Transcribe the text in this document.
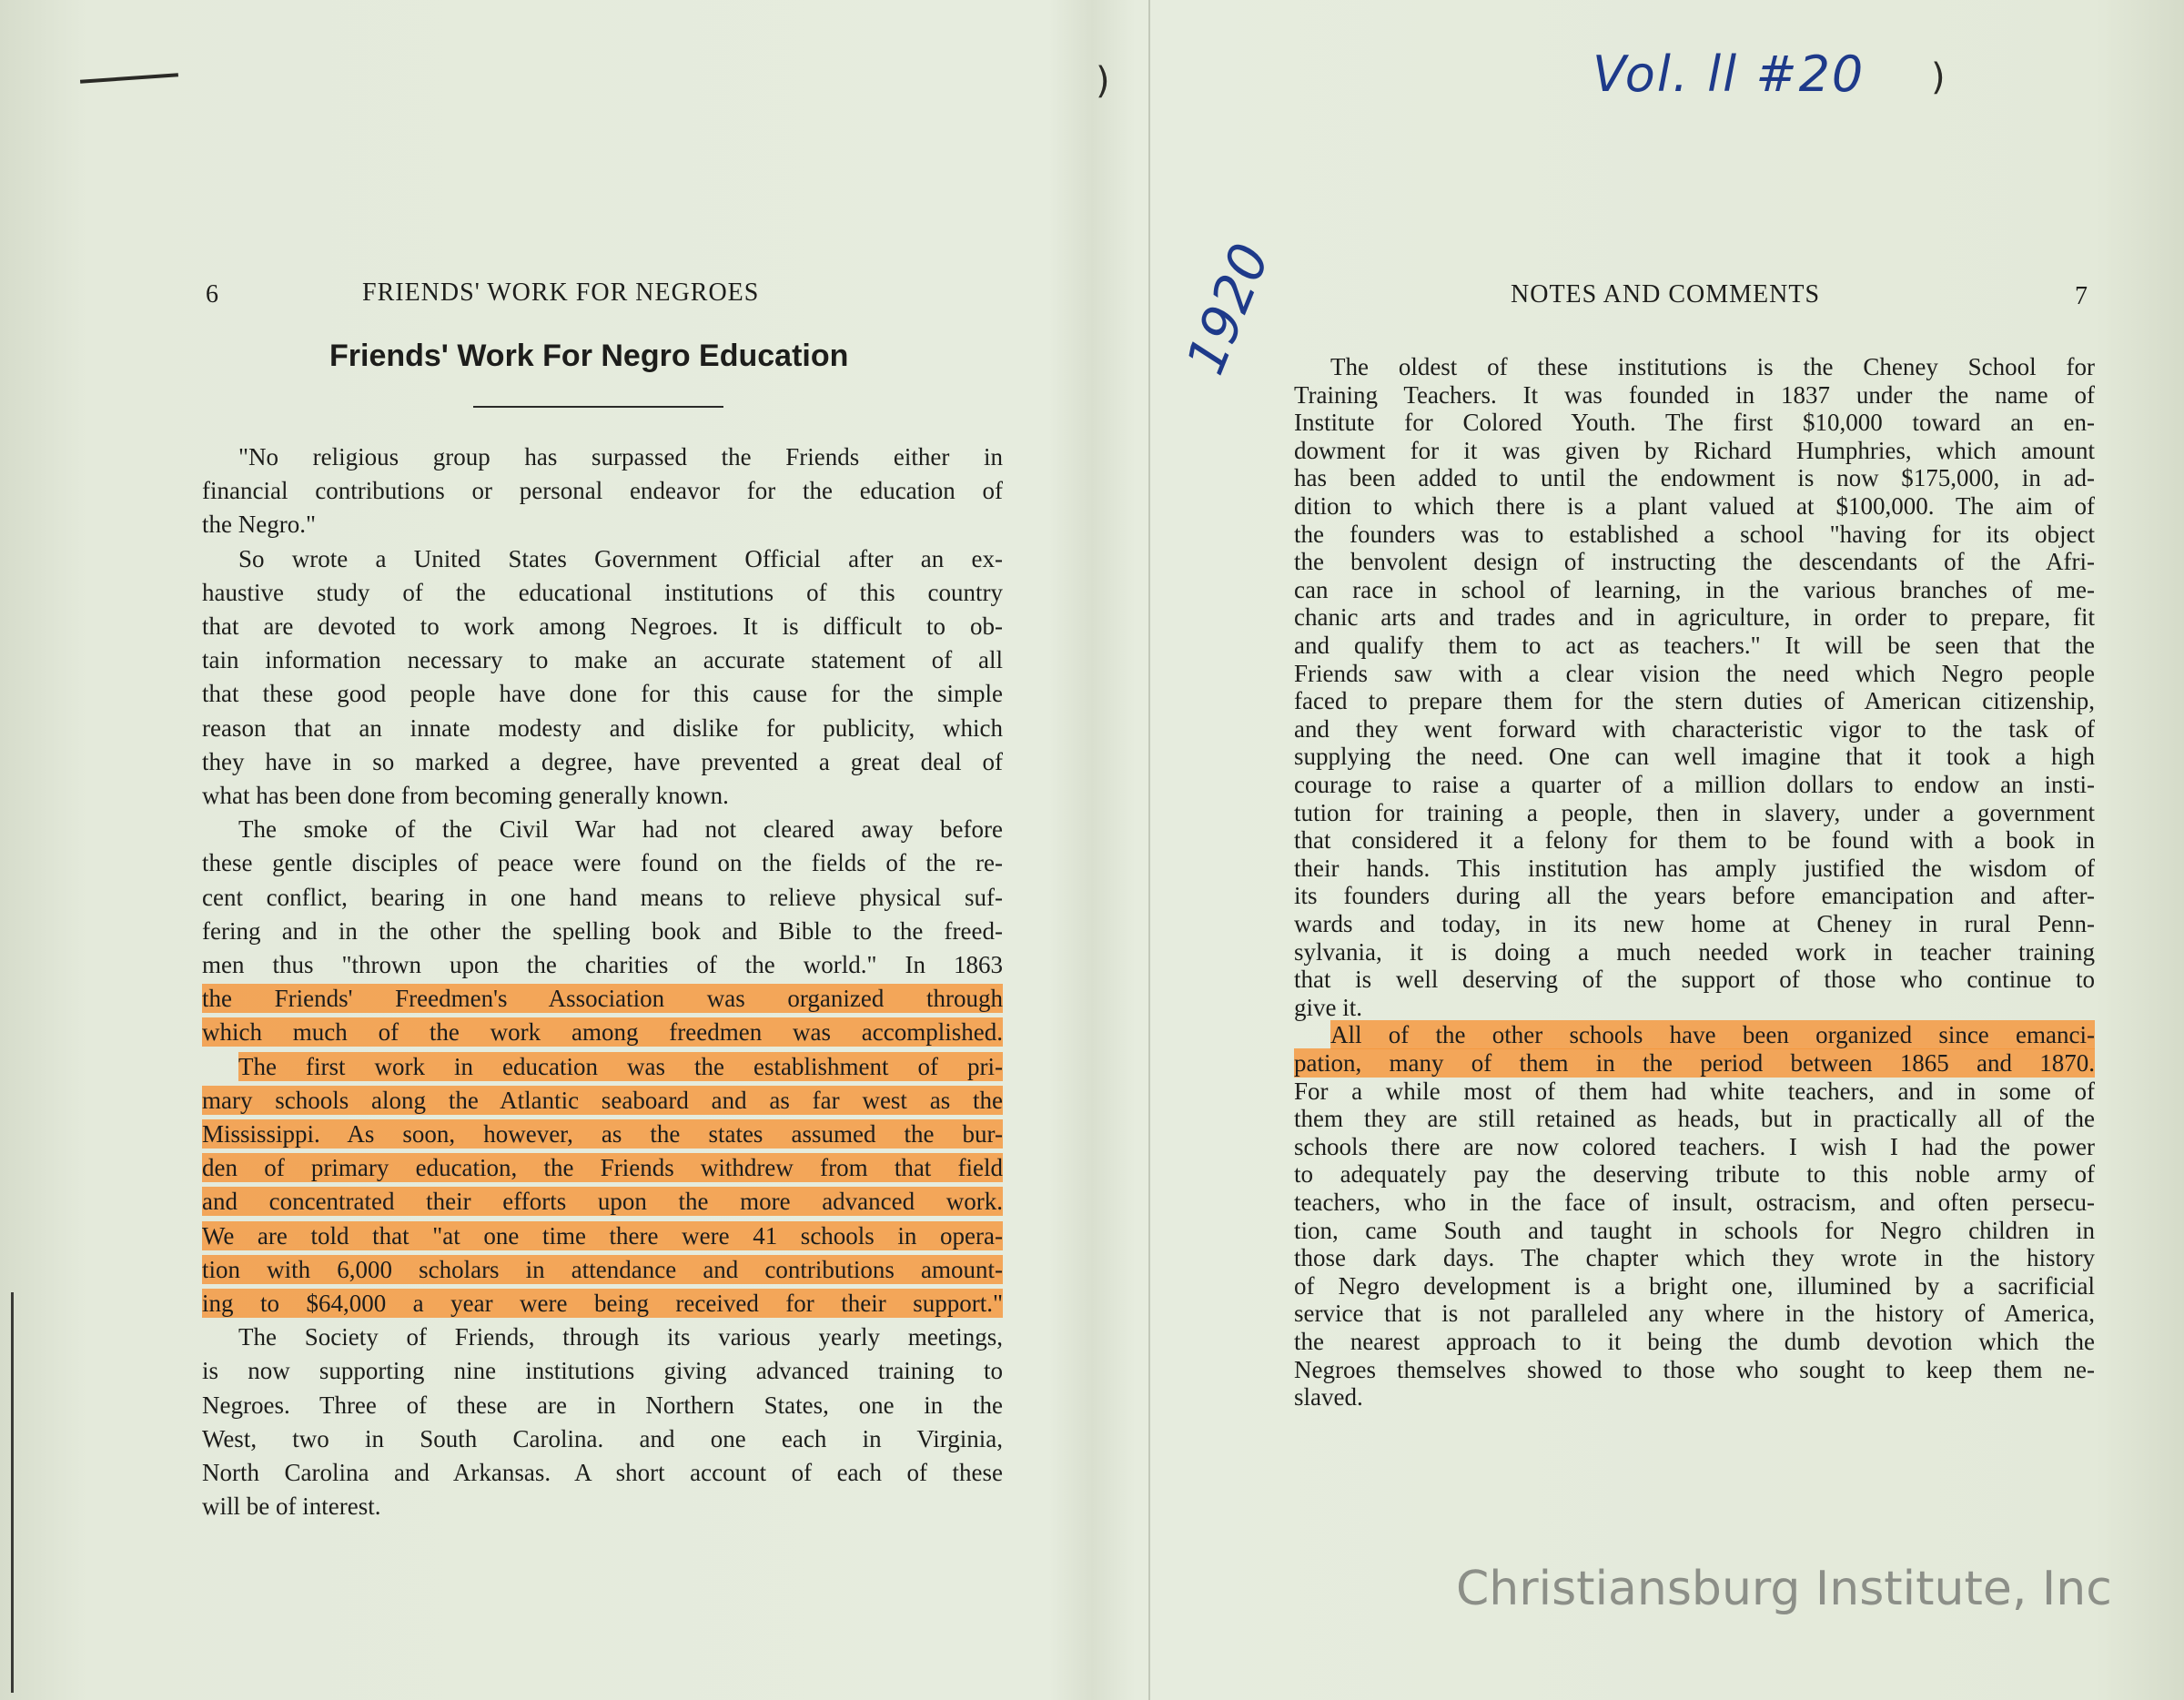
)	)
Vol. ll #20
1920
6	FRIENDS' WORK FOR NEGROES
Friends' Work For Negro Education
"No religious group has surpassed the Friends either in
financial contributions or personal endeavor for the education of
the Negro."
So wrote a United States Government Official after an ex-
haustive study of the educational institutions of this country
that are devoted to work among Negroes. It is difficult to ob-
tain information necessary to make an accurate statement of all
that these good people have done for this cause for the simple
reason that an innate modesty and dislike for publicity, which
they have in so marked a degree, have prevented a great deal of
what has been done from becoming generally known.
The smoke of the Civil War had not cleared away before
these gentle disciples of peace were found on the fields of the re-
cent conflict, bearing in one hand means to relieve physical suf-
fering and in the other the spelling book and Bible to the freed-
men thus "thrown upon the charities of the world." In 1863
the Friends' Freedmen's Association was organized through
which much of the work among freedmen was accomplished.
The first work in education was the establishment of pri-
mary schools along the Atlantic seaboard and as far west as the
Mississippi. As soon, however, as the states assumed the bur-
den of primary education, the Friends withdrew from that field
and concentrated their efforts upon the more advanced work.
We are told that "at one time there were 41 schools in opera-
tion with 6,000 scholars in attendance and contributions amount-
ing to $64,000 a year were being received for their support."
The Society of Friends, through its various yearly meetings,
is now supporting nine institutions giving advanced training to
Negroes. Three of these are in Northern States, one in the
West, two in South Carolina. and one each in Virginia,
North Carolina and Arkansas. A short account of each of these
will be of interest.
NOTES AND COMMENTS	7
The oldest of these institutions is the Cheney School for
Training Teachers. It was founded in 1837 under the name of
Institute for Colored Youth. The first $10,000 toward an en-
dowment for it was given by Richard Humphries, which amount
has been added to until the endowment is now $175,000, in ad-
dition to which there is a plant valued at $100,000. The aim of
the founders was to established a school "having for its object
the benvolent design of instructing the descendants of the Afri-
can race in school of learning, in the various branches of me-
chanic arts and trades and in agriculture, in order to prepare, fit
and qualify them to act as teachers." It will be seen that the
Friends saw with a clear vision the need which Negro people
faced to prepare them for the stern duties of American citizenship,
and they went forward with characteristic vigor to the task of
supplying the need. One can well imagine that it took a high
courage to raise a quarter of a million dollars to endow an insti-
tution for training a people, then in slavery, under a government
that considered it a felony for them to be found with a book in
their hands. This institution has amply justified the wisdom of
its founders during all the years before emancipation and after-
wards and today, in its new home at Cheney in rural Penn-
sylvania, it is doing a much needed work in teacher training
that is well deserving of the support of those who continue to
give it.
All of the other schools have been organized since emanci-
pation, many of them in the period between 1865 and 1870.
For a while most of them had white teachers, and in some of
them they are still retained as heads, but in practically all of the
schools there are now colored teachers. I wish I had the power
to adequately pay the deserving tribute to this noble army of
teachers, who in the face of insult, ostracism, and often persecu-
tion, came South and taught in schools for Negro children in
those dark days. The chapter which they wrote in the history
of Negro development is a bright one, illumined by a sacrificial
service that is not paralleled any where in the history of America,
the nearest approach to it being the dumb devotion which the
Negroes themselves showed to those who sought to keep them ne-
slaved.
Christiansburg Institute, Inc
